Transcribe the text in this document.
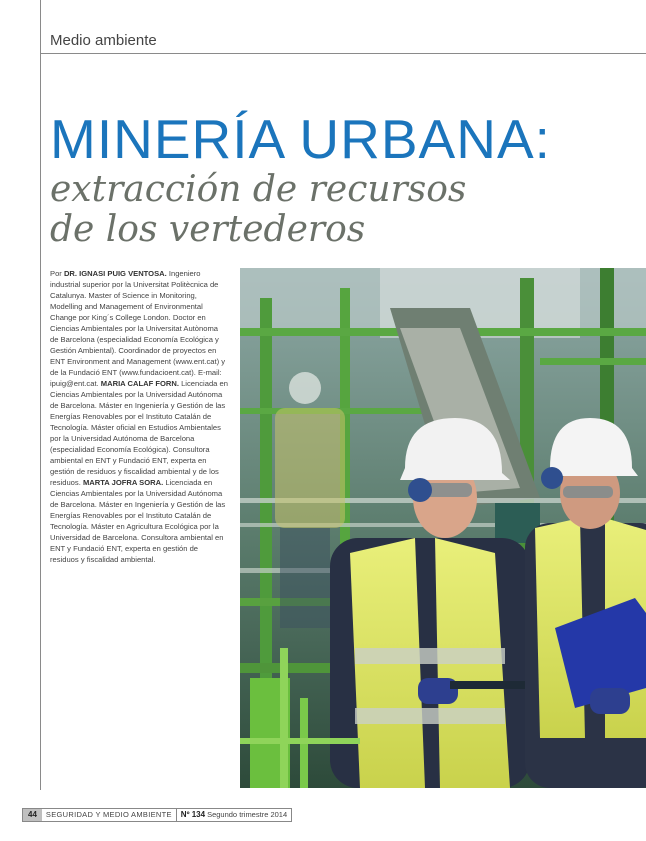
Medio ambiente
MINERÍA URBANA:
extracción de recursos de los vertederos

Por DR. IGNASI PUIG VENTOSA. Ingeniero industrial superior por la Universitat Politècnica de Catalunya. Master of Science in Monitoring, Modelling and Management of Environmental Change por King´s College London. Doctor en Ciencias Ambientales por la Universitat Autònoma de Barcelona (especialidad Economía Ecológica y Gestión Ambiental). Coordinador de proyectos en ENT Environment and Management (www.ent.cat) y de la Fundació ENT (www.fundacioent.cat). E-mail: ipuig@ent.cat. MARIA CALAF FORN. Licenciada en Ciencias Ambientales por la Universidad Autónoma de Barcelona. Máster en Ingeniería y Gestión de las Energías Renovables por el Instituto Catalán de Tecnología. Máster oficial en Estudios Ambientales por la Universidad Autónoma de Barcelona (especialidad Economía Ecológica). Consultora ambiental en ENT y Fundació ENT, experta en gestión de residuos y fiscalidad ambiental y de los residuos. MARTA JOFRA SORA. Licenciada en Ciencias Ambientales por la Universidad Autónoma de Barcelona. Máster en Ingeniería y Gestión de las Energías Renovables por el Instituto Catalán de Tecnología. Máster en Agricultura Ecológica por la Universidad de Barcelona. Consultora ambiental en ENT y Fundació ENT, experta en gestión de residuos y fiscalidad ambiental.

44	SEGURIDAD Y MEDIO AMBIENTE	Nº 134 Segundo trimestre 2014
